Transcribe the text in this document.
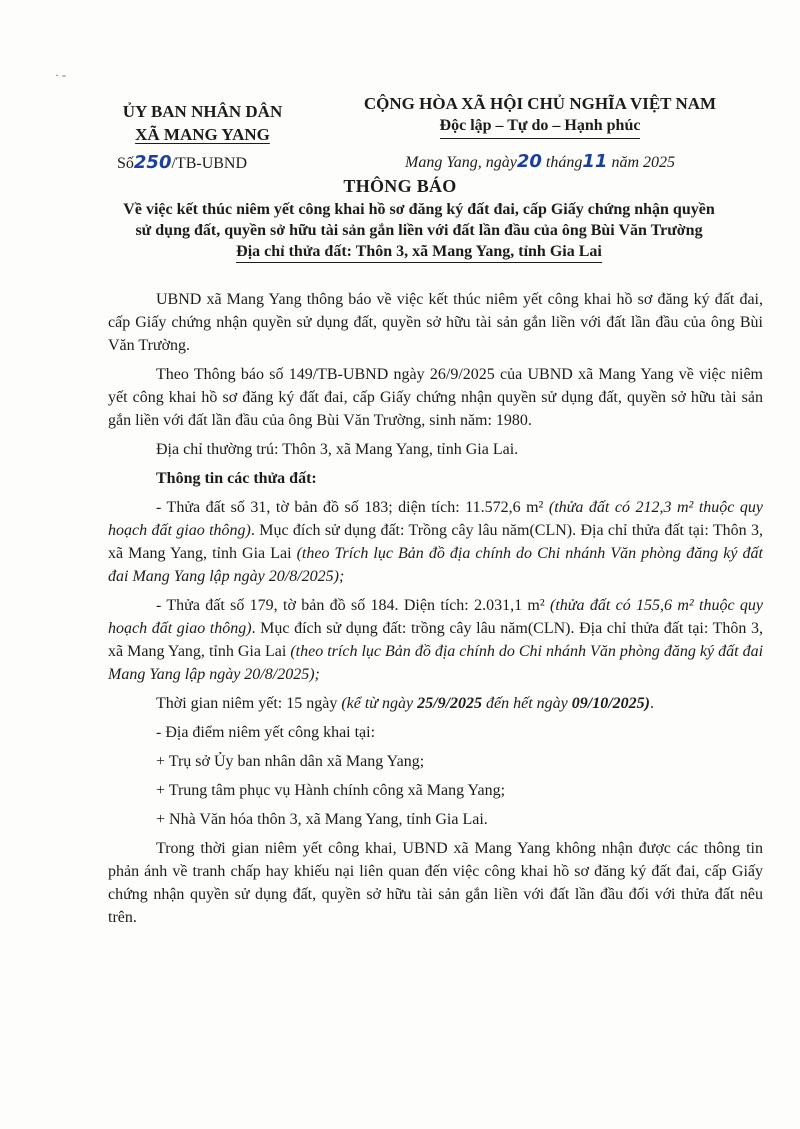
· -
ỦY BAN NHÂN DÂN
XÃ MANG YANG
Số250/TB-UBND
CỘNG HÒA XÃ HỘI CHỦ NGHĨA VIỆT NAM
Độc lập – Tự do – Hạnh phúc
Mang Yang, ngày20 tháng11 năm 2025
THÔNG BÁO
Về việc kết thúc niêm yết công khai hồ sơ đăng ký đất đai, cấp Giấy chứng nhận quyền
sử dụng đất, quyền sở hữu tài sản gắn liền với đất lần đầu của ông Bùi Văn Trường
Địa chỉ thửa đất: Thôn 3, xã Mang Yang, tỉnh Gia Lai

UBND xã Mang Yang thông báo về việc kết thúc niêm yết công khai hồ sơ đăng ký đất đai, cấp Giấy chứng nhận quyền sử dụng đất, quyền sở hữu tài sản gắn liền với đất lần đầu của ông Bùi Văn Trường.

Theo Thông báo số 149/TB-UBND ngày 26/9/2025 của UBND xã Mang Yang về việc niêm yết công khai hồ sơ đăng ký đất đai, cấp Giấy chứng nhận quyền sử dụng đất, quyền sở hữu tài sản gắn liền với đất lần đầu của ông Bùi Văn Trường, sinh năm: 1980.

Địa chỉ thường trú: Thôn 3, xã Mang Yang, tỉnh Gia Lai.

Thông tin các thửa đất:

- Thửa đất số 31, tờ bản đồ số 183; diện tích: 11.572,6 m² (thửa đất có 212,3 m² thuộc quy hoạch đất giao thông). Mục đích sử dụng đất: Trồng cây lâu năm(CLN). Địa chỉ thửa đất tại: Thôn 3, xã Mang Yang, tỉnh Gia Lai (theo Trích lục Bản đồ địa chính do Chi nhánh Văn phòng đăng ký đất đai Mang Yang lập ngày 20/8/2025);

- Thửa đất số 179, tờ bản đồ số 184. Diện tích: 2.031,1 m² (thửa đất có 155,6 m² thuộc quy hoạch đất giao thông). Mục đích sử dụng đất: trồng cây lâu năm(CLN). Địa chỉ thửa đất tại: Thôn 3, xã Mang Yang, tỉnh Gia Lai (theo trích lục Bản đồ địa chính do Chi nhánh Văn phòng đăng ký đất đai Mang Yang lập ngày 20/8/2025);

Thời gian niêm yết: 15 ngày (kể từ ngày 25/9/2025 đến hết ngày 09/10/2025).

- Địa điểm niêm yết công khai tại:

+ Trụ sở Ủy ban nhân dân xã Mang Yang;

+ Trung tâm phục vụ Hành chính công xã Mang Yang;

+ Nhà Văn hóa thôn 3, xã Mang Yang, tỉnh Gia Lai.

Trong thời gian niêm yết công khai, UBND xã Mang Yang không nhận được các thông tin phản ánh về tranh chấp hay khiếu nại liên quan đến việc công khai hồ sơ đăng ký đất đai, cấp Giấy chứng nhận quyền sử dụng đất, quyền sở hữu tài sản gắn liền với đất lần đầu đối với thửa đất nêu trên.
